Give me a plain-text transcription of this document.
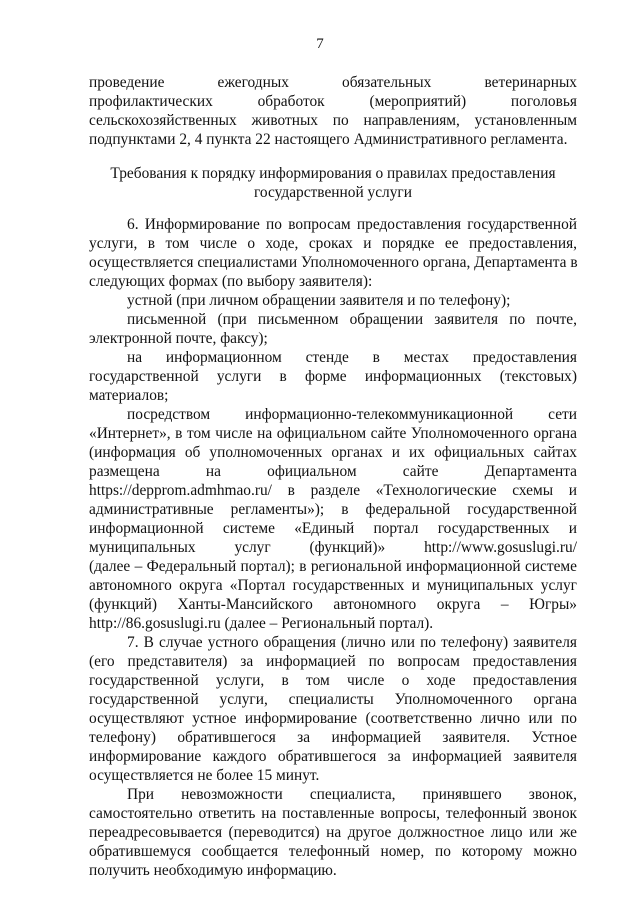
7
проведение ежегодных обязательных ветеринарных
профилактических обработок (мероприятий) поголовья
сельскохозяйственных животных по направлениям, установленным
подпунктами 2, 4 пункта 22 настоящего Административного регламента.
Требования к порядку информирования о правилах предоставления
государственной услуги
6. Информирование по вопросам предоставления государственной
услуги, в том числе о ходе, сроках и порядке ее предоставления,
осуществляется специалистами Уполномоченного органа, Департамента в
следующих формах (по выбору заявителя):
устной (при личном обращении заявителя и по телефону);
письменной (при письменном обращении заявителя по почте,
электронной почте, факсу);
на информационном стенде в местах предоставления
государственной услуги в форме информационных (текстовых)
материалов;
посредством информационно-телекоммуникационной сети
«Интернет», в том числе на официальном сайте Уполномоченного органа
(информация об уполномоченных органах и их официальных сайтах
размещена на официальном сайте Департамента
https://depprom.admhmao.ru/ в разделе «Технологические схемы и
административные регламенты»); в федеральной государственной
информационной системе «Единый портал государственных и
муниципальных услуг (функций)» http://www.gosuslugi.ru/
(далее – Федеральный портал); в региональной информационной системе
автономного округа «Портал государственных и муниципальных услуг
(функций) Ханты-Мансийского автономного округа – Югры»
http://86.gosuslugi.ru (далее – Региональный портал).
7. В случае устного обращения (лично или по телефону) заявителя
(его представителя) за информацией по вопросам предоставления
государственной услуги, в том числе о ходе предоставления
государственной услуги, специалисты Уполномоченного органа
осуществляют устное информирование (соответственно лично или по
телефону) обратившегося за информацией заявителя. Устное
информирование каждого обратившегося за информацией заявителя
осуществляется не более 15 минут.
При невозможности специалиста, принявшего звонок,
самостоятельно ответить на поставленные вопросы, телефонный звонок
переадресовывается (переводится) на другое должностное лицо или же
обратившемуся сообщается телефонный номер, по которому можно
получить необходимую информацию.
